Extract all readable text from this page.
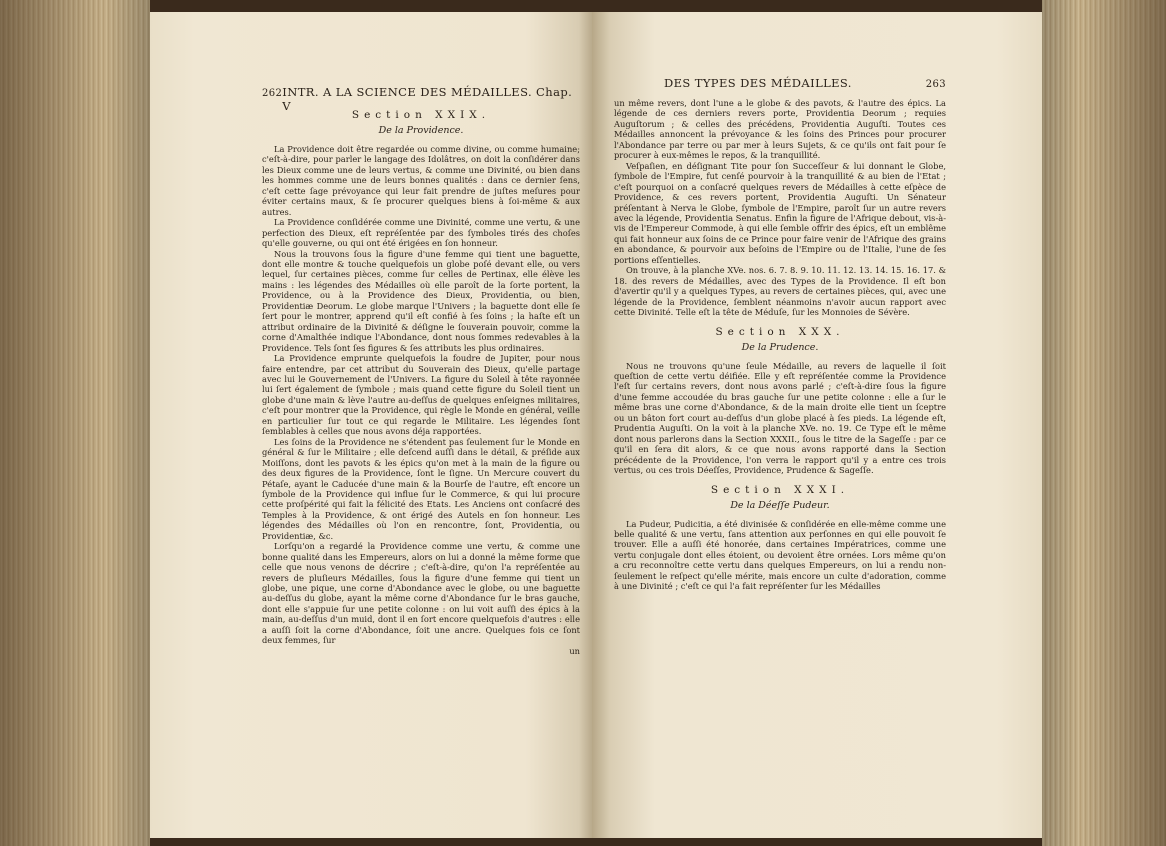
262 INTR. A LA SCIENCE DES MÉDAILLES. Chap. V
Section XXIX.
De la Providence.

La Providence doit être regardée ou comme divine, ou comme humaine; c'eſt-à-dire, pour parler le langage des Idolâtres, on doit la conſidérer dans les Dieux comme une de leurs vertus, & comme une Divinité, ou bien dans les hommes comme une de leurs bonnes qualités : dans ce dernier ſens, c'eſt cette ſage prévoyance qui leur fait prendre de juſtes meſures pour éviter certains maux, & ſe procurer quelques biens à ſoi-même & aux autres.

La Providence conſidérée comme une Divinité, comme une vertu, & une perfection des Dieux, eſt repréſentée par des ſymboles tirés des choſes qu'elle gouverne, ou qui ont été érigées en ſon honneur.

Nous la trouvons ſous la figure d'une femme qui tient une baguette, dont elle montre & touche quelquefois un globe poſé devant elle, ou vers lequel, ſur certaines pièces, comme ſur celles de Pertinax, elle élève les mains : les légendes des Médailles où elle paroît de la ſorte portent, la Providence, ou à la Providence des Dieux, Providentia, ou bien, Providentiæ Deorum. Le globe marque l'Univers ; la baguette dont elle ſe ſert pour le montrer, apprend qu'il eſt confié à ſes ſoins ; la haſte eſt un attribut ordinaire de la Divinité & déſigne le ſouverain pouvoir, comme la corne d'Amalthée indique l'Abondance, dont nous ſommes redevables à la Providence. Tels ſont ſes figures & ſes attributs les plus ordinaires.

La Providence emprunte quelquefois la foudre de Jupiter, pour nous faire entendre, par cet attribut du Souverain des Dieux, qu'elle partage avec lui le Gouvernement de l'Univers. La figure du Soleil à tête rayonnée lui ſert également de ſymbole ; mais quand cette figure du Soleil tient un globe d'une main & lève l'autre au-deſſus de quelques enſeignes militaires, c'eſt pour montrer que la Providence, qui règle le Monde en général, veille en particulier ſur tout ce qui regarde le Militaire. Les légendes ſont ſemblables à celles que nous avons déja rapportées.

Les ſoins de la Providence ne s'étendent pas ſeulement ſur le Monde en général & ſur le Militaire ; elle deſcend auſſi dans le détail, & préſide aux Moiſſons, dont les pavots & les épics qu'on met à la main de la figure ou des deux figures de la Providence, ſont le ſigne. Un Mercure couvert du Pétaſe, ayant le Caducée d'une main & la Bourſe de l'autre, eſt encore un ſymbole de la Providence qui influe ſur le Commerce, & qui lui procure cette proſpérité qui fait la félicité des Etats. Les Anciens ont conſacré des Temples à la Providence, & ont érigé des Autels en ſon honneur. Les légendes des Médailles où l'on en rencontre, ſont, Providentia, ou Providentiæ, &c.

Lorſqu'on a regardé la Providence comme une vertu, & comme une bonne qualité dans les Empereurs, alors on lui a donné la même forme que celle que nous venons de décrire ; c'eſt-à-dire, qu'on l'a repréſentée au revers de pluſieurs Médailles, ſous la figure d'une femme qui tient un globe, une pique, une corne d'Abondance avec le globe, ou une baguette au-deſſus du globe, ayant la même corne d'Abondance ſur le bras gauche, dont elle s'appuie ſur une petite colonne : on lui voit auſſi des épics à la main, au-deſſus d'un muid, dont il en ſort encore quelquefois d'autres : elle a auſſi ſoit la corne d'Abondance, ſoit une ancre. Quelques fois ce ſont deux femmes, ſur

un
DES TYPES DES MÉDAILLES.	263

un même revers, dont l'une a le globe & des pavots, & l'autre des épics. La légende de ces derniers revers porte, Providentia Deorum ; requies Auguſtorum ; & celles des précédens, Providentia Auguſti. Toutes ces Médailles annoncent la prévoyance & les ſoins des Princes pour procurer l'Abondance par terre ou par mer à leurs Sujets, & ce qu'ils ont fait pour ſe procurer à eux-mêmes le repos, & la tranquillité.

Veſpaſien, en déſignant Tite pour ſon Succeſſeur & lui donnant le Globe, ſymbole de l'Empire, fut cenſé pourvoir à la tranquillité & au bien de l'Etat ; c'eſt pourquoi on a conſacré quelques revers de Médailles à cette eſpèce de Providence, & ces revers portent, Providentia Auguſti. Un Sénateur préſentant à Nerva le Globe, ſymbole de l'Empire, paroît ſur un autre revers avec la légende, Providentia Senatus. Enfin la figure de l'Afrique debout, vis-à-vis de l'Empereur Commode, à qui elle ſemble offrir des épics, eſt un emblême qui fait honneur aux ſoins de ce Prince pour faire venir de l'Afrique des grains en abondance, & pourvoir aux beſoins de l'Empire ou de l'Italie, l'une de ſes portions eſſentielles.

On trouve, à la planche XVe. nos. 6. 7. 8. 9. 10. 11. 12. 13. 14. 15. 16. 17. & 18. des revers de Médailles, avec des Types de la Providence. Il eſt bon d'avertir qu'il y a quelques Types, au revers de certaines pièces, qui, avec une légende de la Providence, ſemblent néanmoins n'avoir aucun rapport avec cette Divinité. Telle eſt la tête de Méduſe, ſur les Monnoies de Sévère.

Section XXX.
De la Prudence.

Nous ne trouvons qu'une ſeule Médaille, au revers de laquelle il ſoit queſtion de cette vertu déifiée. Elle y eſt repréſentée comme la Providence l'eſt ſur certains revers, dont nous avons parlé ; c'eſt-à-dire ſous la figure d'une femme accoudée du bras gauche ſur une petite colonne : elle a ſur le même bras une corne d'Abondance, & de la main droite elle tient un ſceptre ou un bâton fort court au-deſſus d'un globe placé à ſes pieds. La légende eſt, Prudentia Auguſti. On la voit à la planche XVe. no. 19. Ce Type eſt le même dont nous parlerons dans la Section XXXII., ſous le titre de la Sageſſe : par ce qu'il en ſera dit alors, & ce que nous avons rapporté dans la Section précédente de la Providence, l'on verra le rapport qu'il y a entre ces trois vertus, ou ces trois Déeſſes, Providence, Prudence & Sageſſe.

Section XXXI.
De la Déeſſe Pudeur.

La Pudeur, Pudicitia, a été divinisée & conſidérée en elle-même comme une belle qualité & une vertu, ſans attention aux perſonnes en qui elle pouvoit ſe trouver. Elle a auſſi été honorée, dans certaines Impératrices, comme une vertu conjugale dont elles étoient, ou devoient être ornées. Lors même qu'on a cru reconnoître cette vertu dans quelques Empereurs, on lui a rendu non-ſeulement le reſpect qu'elle mérite, mais encore un culte d'adoration, comme à une Divinité ; c'eſt ce qui l'a fait repréſenter ſur les Médailles
